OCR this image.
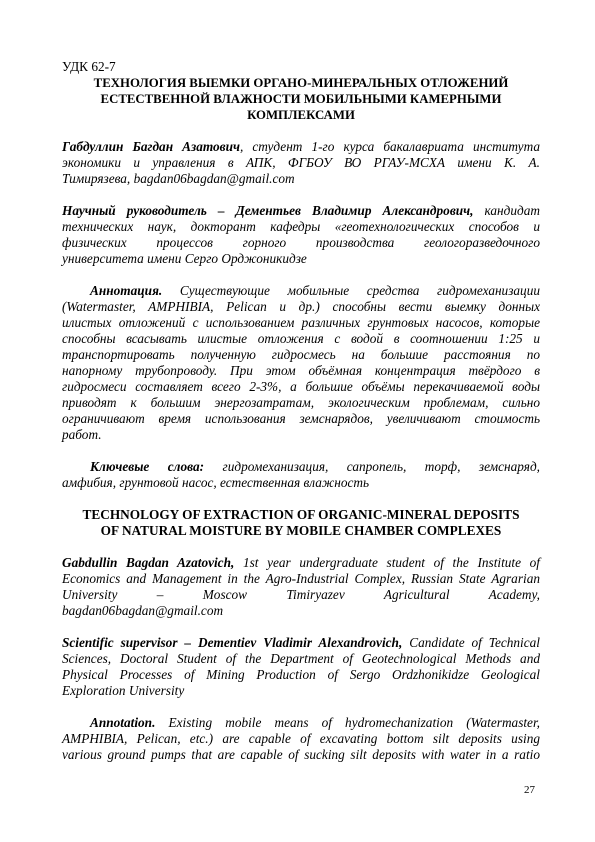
УДК 62-7
ТЕХНОЛОГИЯ ВЫЕМКИ ОРГАНО-МИНЕРАЛЬНЫХ ОТЛОЖЕНИЙ
ЕСТЕСТВЕННОЙ ВЛАЖНОСТИ МОБИЛЬНЫМИ КАМЕРНЫМИ
КОМПЛЕКСАМИ
Габдуллин Багдан Азатович, студент 1-го курса бакалавриата института
экономики и управления в АПК, ФГБОУ ВО РГАУ-МСХА имени К. А.
Тимирязева, bagdan06bagdan@gmail.com
Научный руководитель – Дементьев Владимир Александрович, кандидат
технических наук, докторант кафедры «геотехнологических способов и
физических процессов горного производства геологоразведочного
университета имени Серго Орджоникидзе
Аннотация. Существующие мобильные средства гидромеханизации
(Watermaster, AMPHIBIA, Pelican и др.) способны вести выемку донных
илистых отложений с использованием различных грунтовых насосов, которые
способны всасывать илистые отложения с водой в соотношении 1:25 и
транспортировать полученную гидросмесь на большие расстояния по
напорному трубопроводу. При этом объёмная концентрация твёрдого в
гидросмеси составляет всего 2-3%, а большие объёмы перекачиваемой воды
приводят к большим энергозатратам, экологическим проблемам, сильно
ограничивают время использования земснарядов, увеличивают стоимость
работ.
Ключевые слова: гидромеханизация, сапропель, торф, земснаряд,
амфибия, грунтовой насос, естественная влажность
TECHNOLOGY OF EXTRACTION OF ORGANIC-MINERAL DEPOSITS
OF NATURAL MOISTURE BY MOBILE CHAMBER COMPLEXES
Gabdullin Bagdan Azatovich, 1st year undergraduate student of the Institute of
Economics and Management in the Agro-Industrial Complex, Russian State Agrarian
University – Moscow Timiryazev Agricultural Academy,
bagdan06bagdan@gmail.com
Scientific supervisor – Dementiev Vladimir Alexandrovich, Candidate of Technical
Sciences, Doctoral Student of the Department of Geotechnological Methods and
Physical Processes of Mining Production of Sergo Ordzhonikidze Geological
Exploration University
Annotation. Existing mobile means of hydromechanization (Watermaster,
AMPHIBIA, Pelican, etc.) are capable of excavating bottom silt deposits using
various ground pumps that are capable of sucking silt deposits with water in a ratio
27
